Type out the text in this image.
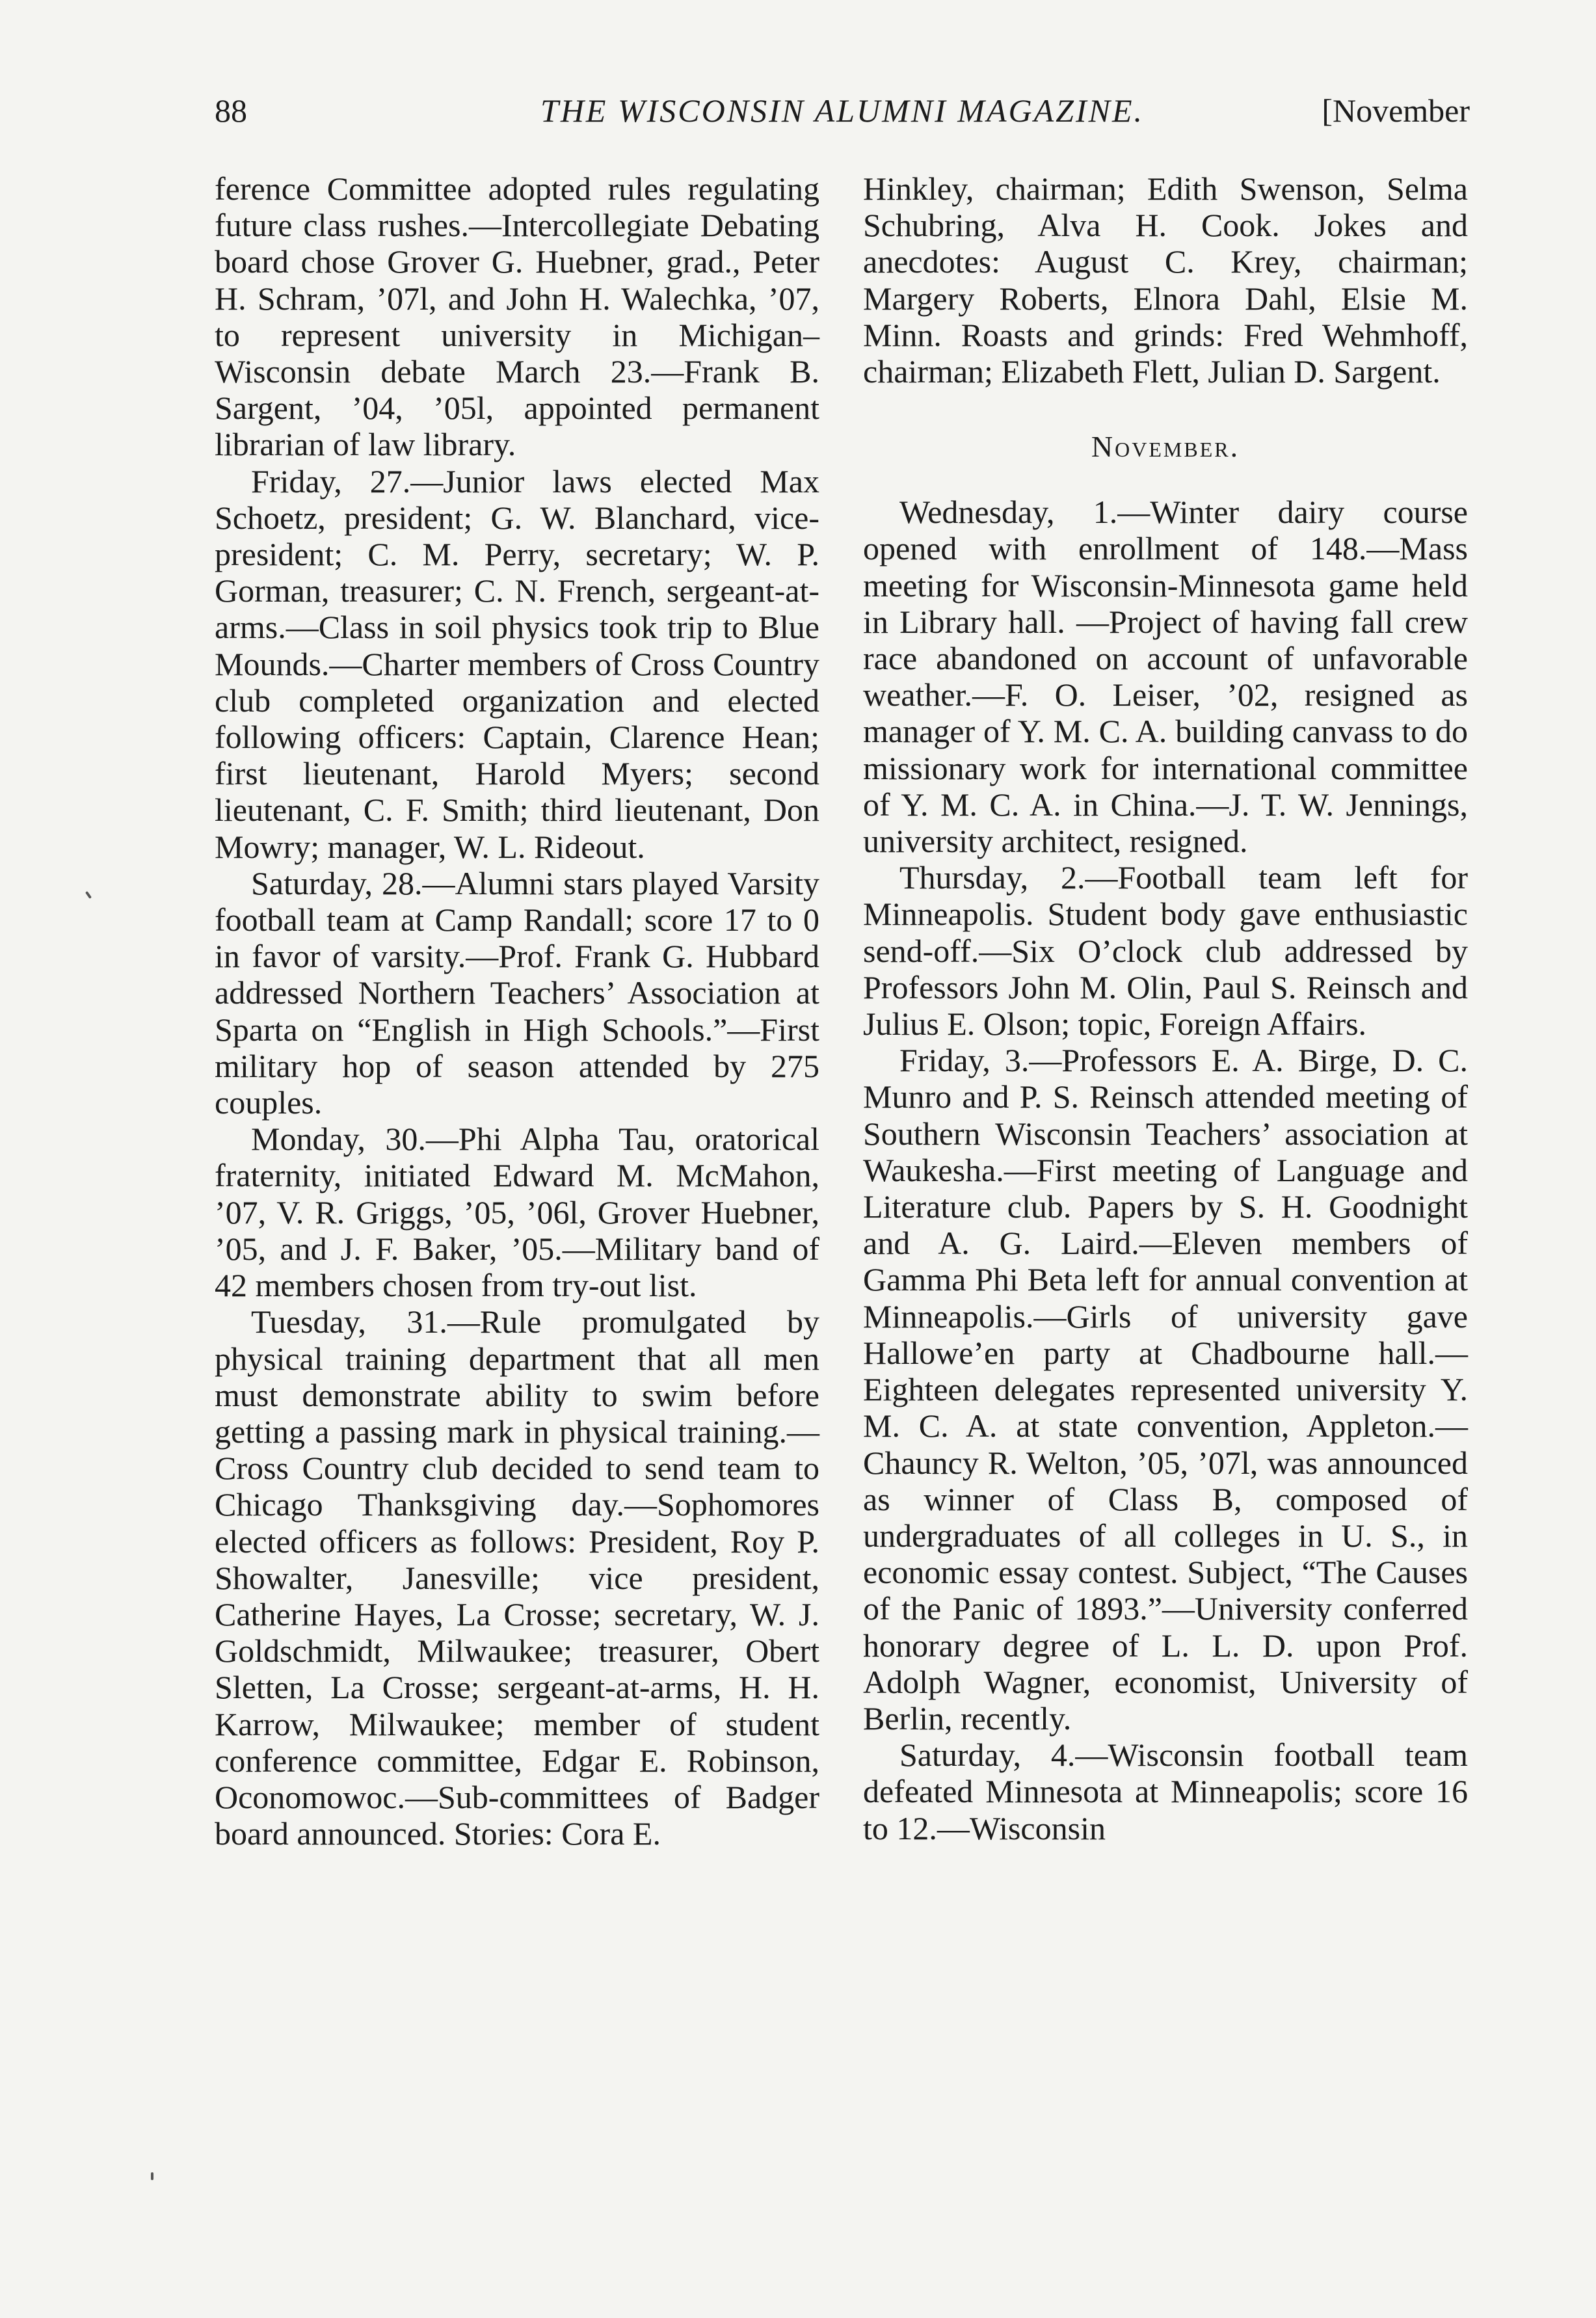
88	THE WISCONSIN ALUMNI MAGAZINE.	[November

ference Committee adopted rules regulating future class rushes.—Intercollegiate Debating board chose Grover G. Huebner, grad., Peter H. Schram, ’07l, and John H. Walechka, ’07, to represent university in Michigan–Wisconsin debate March 23.—Frank B. Sargent, ’04, ’05l, appointed permanent librarian of law library.

Friday, 27.—Junior laws elected Max Schoetz, president; G. W. Blanchard, vice-president; C. M. Perry, secretary; W. P. Gorman, treasurer; C. N. French, sergeant-at-arms.—Class in soil physics took trip to Blue Mounds.—Charter members of Cross Country club completed organization and elected following officers: Captain, Clarence Hean; first lieutenant, Harold Myers; second lieutenant, C. F. Smith; third lieutenant, Don Mowry; manager, W. L. Rideout.

Saturday, 28.—Alumni stars played Varsity football team at Camp Randall; score 17 to 0 in favor of varsity.—Prof. Frank G. Hubbard addressed Northern Teachers’ Association at Sparta on “English in High Schools.”—First military hop of season attended by 275 couples.

Monday, 30.—Phi Alpha Tau, oratorical fraternity, initiated Edward M. McMahon, ’07, V. R. Griggs, ’05, ’06l, Grover Huebner, ’05, and J. F. Baker, ’05.—Military band of 42 members chosen from try-out list.

Tuesday, 31.—Rule promulgated by physical training department that all men must demonstrate ability to swim before getting a passing mark in physical training.—Cross Country club decided to send team to Chicago Thanksgiving day.—Sophomores elected officers as follows: President, Roy P. Showalter, Janesville; vice president, Catherine Hayes, La Crosse; secretary, W. J. Goldschmidt, Milwaukee; treasurer, Obert Sletten, La Crosse; sergeant-at-arms, H. H. Karrow, Milwaukee; member of student conference committee, Edgar E. Robinson, Oconomowoc.—Sub-committees of Badger board announced. Stories: Cora E.

Hinkley, chairman; Edith Swenson, Selma Schubring, Alva H. Cook. Jokes and anecdotes: August C. Krey, chairman; Margery Roberts, Elnora Dahl, Elsie M. Minn. Roasts and grinds: Fred Wehmhoff, chairman; Elizabeth Flett, Julian D. Sargent.

November.

Wednesday, 1.—Winter dairy course opened with enrollment of 148.—Mass meeting for Wisconsin-Minnesota game held in Library hall. —Project of having fall crew race abandoned on account of unfavorable weather.—F. O. Leiser, ’02, resigned as manager of Y. M. C. A. building canvass to do missionary work for international committee of Y. M. C. A. in China.—J. T. W. Jennings, university architect, resigned.

Thursday, 2.—Football team left for Minneapolis. Student body gave enthusiastic send-off.—Six O’clock club addressed by Professors John M. Olin, Paul S. Reinsch and Julius E. Olson; topic, Foreign Affairs.

Friday, 3.—Professors E. A. Birge, D. C. Munro and P. S. Reinsch attended meeting of Southern Wisconsin Teachers’ association at Waukesha.—First meeting of Language and Literature club. Papers by S. H. Goodnight and A. G. Laird.—Eleven members of Gamma Phi Beta left for annual convention at Minneapolis.—Girls of university gave Hallowe’en party at Chadbourne hall.—Eighteen delegates represented university Y. M. C. A. at state convention, Appleton.—Chauncy R. Welton, ’05, ’07l, was announced as winner of Class B, composed of undergraduates of all colleges in U. S., in economic essay contest. Subject, “The Causes of the Panic of 1893.”—University conferred honorary degree of L. L. D. upon Prof. Adolph Wagner, economist, University of Berlin, recently.

Saturday, 4.—Wisconsin football team defeated Minnesota at Minneapolis; score 16 to 12.—Wisconsin
